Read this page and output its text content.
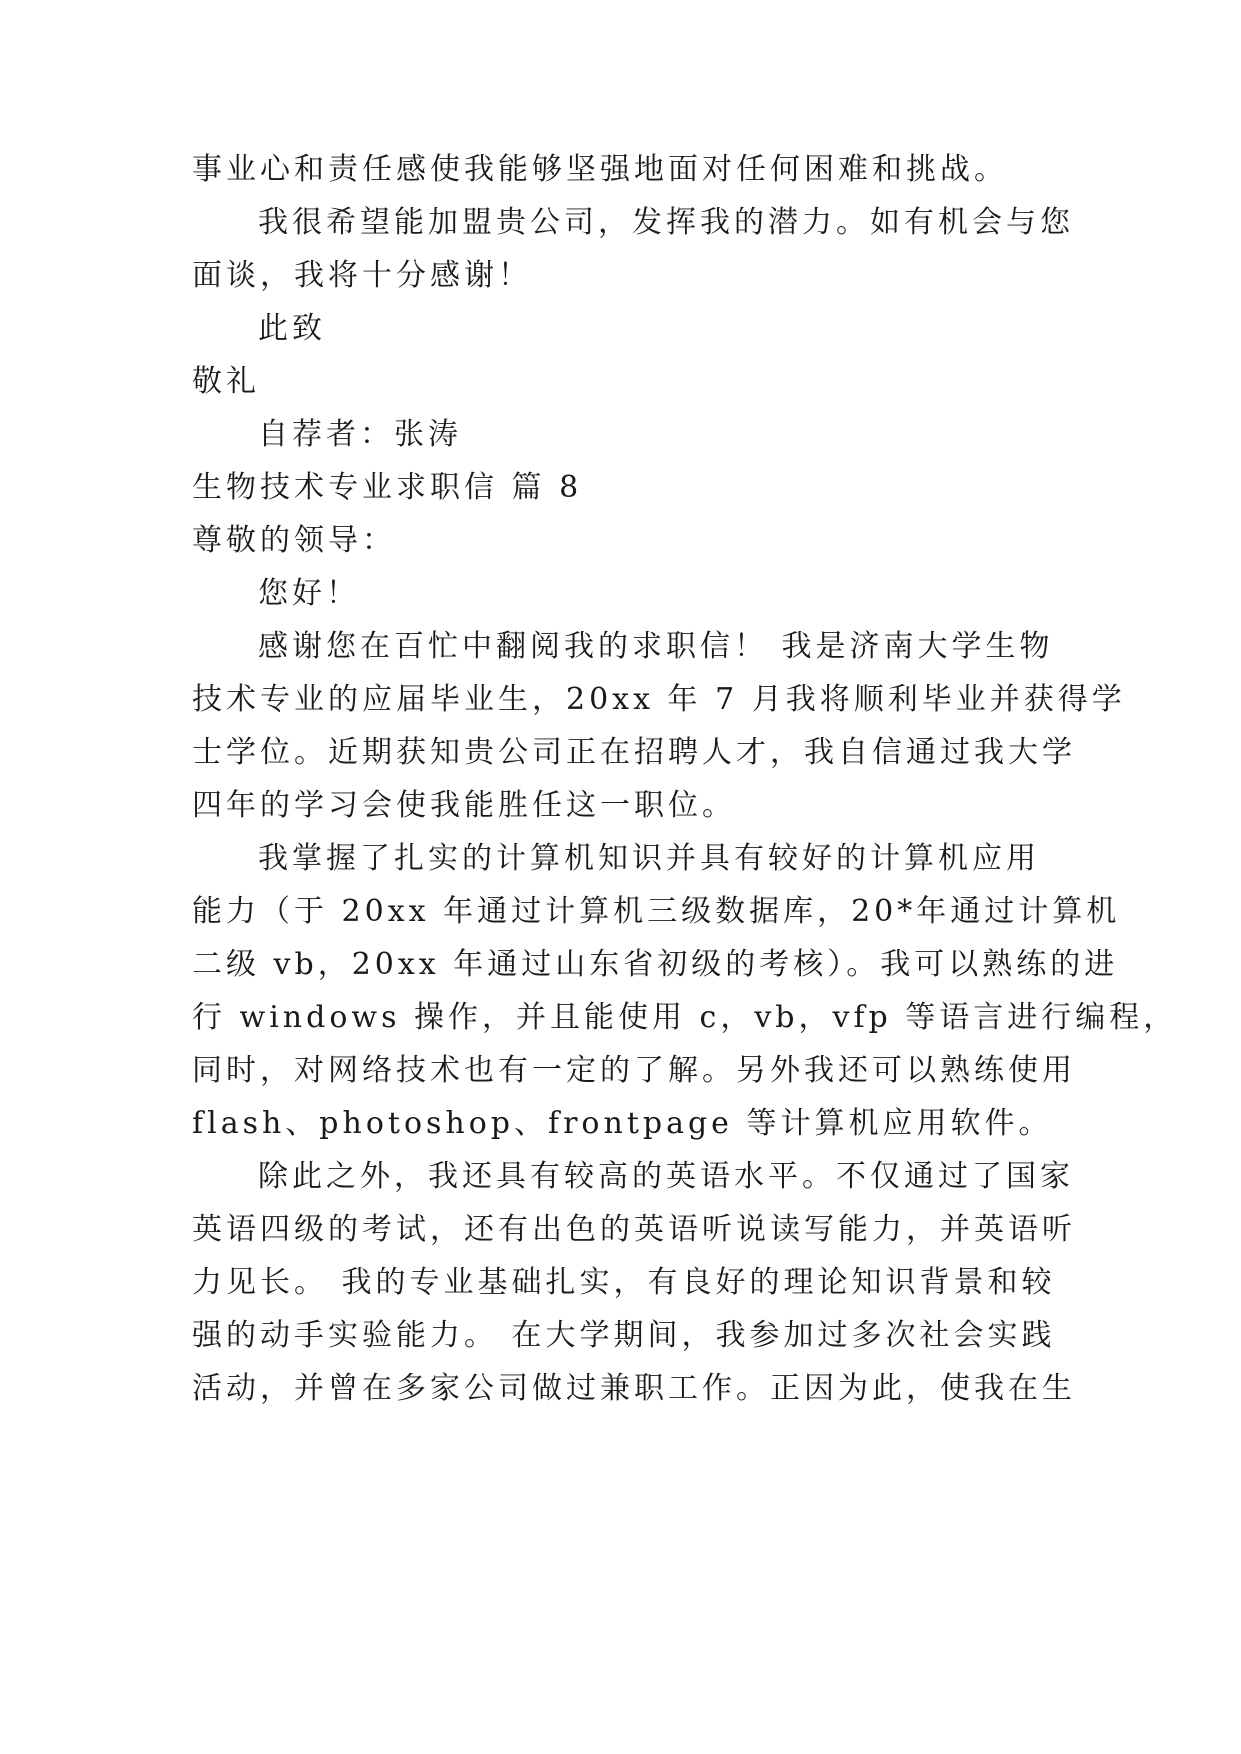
事业心和责任感使我能够坚强地面对任何困难和挑战。
我很希望能加盟贵公司，发挥我的潜力。如有机会与您
面谈，我将十分感谢！
此致
敬礼
自荐者：张涛
生物技术专业求职信 篇 8
尊敬的领导：
您好！
感谢您在百忙中翻阅我的求职信！ 我是济南大学生物
技术专业的应届毕业生，20xx 年 7 月我将顺利毕业并获得学
士学位。近期获知贵公司正在招聘人才，我自信通过我大学
四年的学习会使我能胜任这一职位。
我掌握了扎实的计算机知识并具有较好的计算机应用
能力（于 20xx 年通过计算机三级数据库，20*年通过计算机
二级 vb，20xx 年通过山东省初级的考核）。我可以熟练的进
行 windows 操作，并且能使用 c，vb，vfp 等语言进行编程，
同时，对网络技术也有一定的了解。另外我还可以熟练使用
flash、photoshop、frontpage 等计算机应用软件。
除此之外，我还具有较高的英语水平。不仅通过了国家
英语四级的考试，还有出色的英语听说读写能力，并英语听
力见长。 我的专业基础扎实，有良好的理论知识背景和较
强的动手实验能力。 在大学期间，我参加过多次社会实践
活动，并曾在多家公司做过兼职工作。正因为此，使我在生
